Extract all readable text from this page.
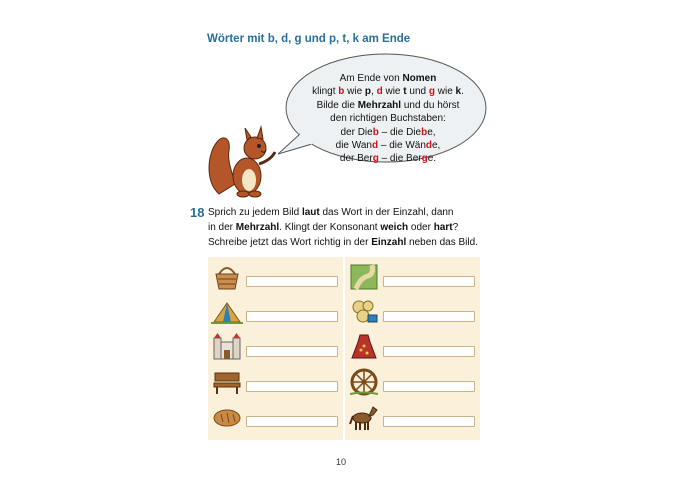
Wörter mit b, d, g und p, t, k am Ende
Am Ende von Nomen
klingt b wie p, d wie t und g wie k.
Bilde die Mehrzahl und du hörst
den richtigen Buchstaben:
der Dieb – die Diebe,
die Wand – die Wände,
der Berg – die Berge.
18 Sprich zu jedem Bild laut das Wort in der Einzahl, dann
in der Mehrzahl. Klingt der Konsonant weich oder hart?
Schreibe jetzt das Wort richtig in der Einzahl neben das Bild.
10
